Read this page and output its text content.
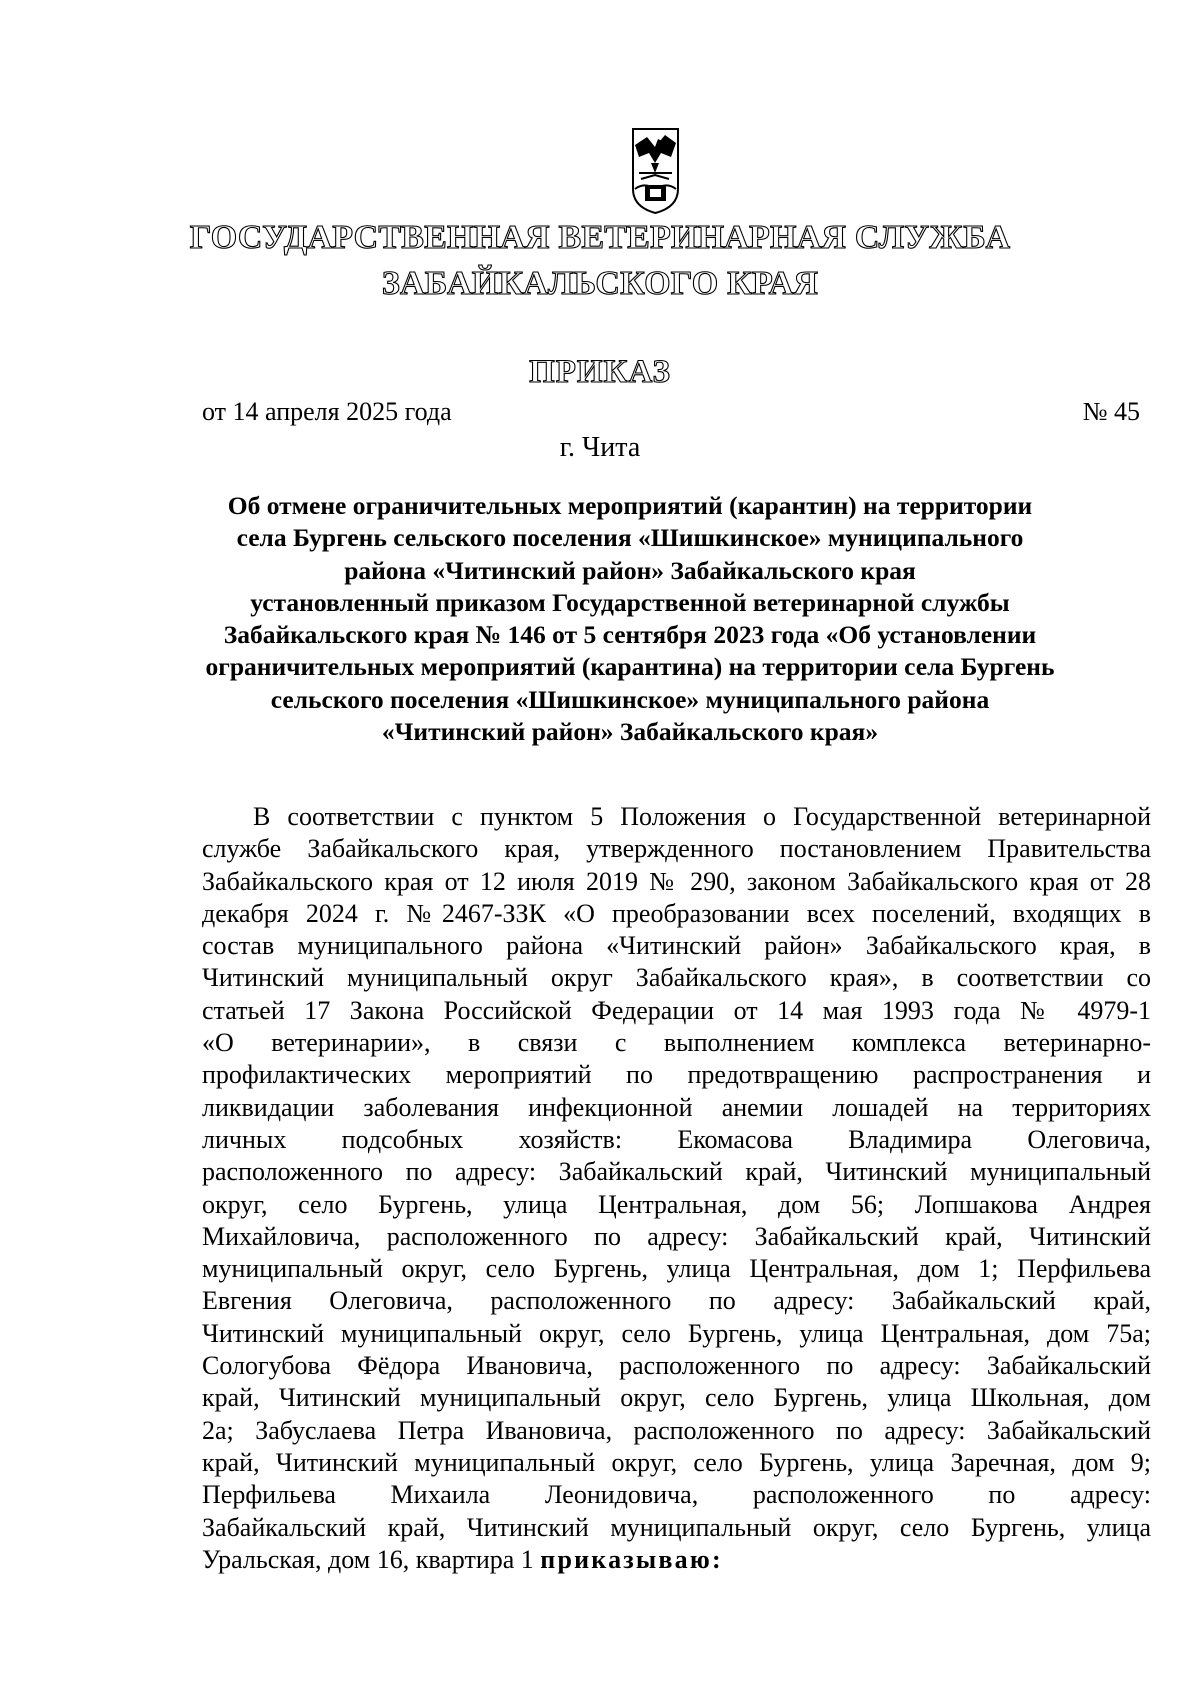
ГОСУДАРСТВЕННАЯ ВЕТЕРИНАРНАЯ СЛУЖБА
ЗАБАЙКАЛЬСКОГО КРАЯ
ПРИКАЗ
от 14 апреля 2025 года	№ 45
г. Чита
Об отмене ограничительных мероприятий (карантин) на территории
села Бургень сельского поселения «Шишкинское» муниципального
района «Читинский район» Забайкальского края
установленный приказом Государственной ветеринарной службы
Забайкальского края № 146 от 5 сентября 2023 года «Об установлении
ограничительных мероприятий (карантина) на территории села Бургень
сельского поселения «Шишкинское» муниципального района
«Читинский район» Забайкальского края»
В соответствии с пунктом 5 Положения о Государственной ветеринарной
службе Забайкальского края, утвержденного постановлением Правительства
Забайкальского края от 12 июля 2019 № 290, законом Забайкальского края от 28
декабря 2024 г. №2467-ЗЗК «О преобразовании всех поселений, входящих в
состав муниципального района «Читинский район» Забайкальского края, в
Читинский муниципальный округ Забайкальского края», в соответствии со
статьей 17 Закона Российской Федерации от 14 мая 1993 года № 4979-1
«О ветеринарии», в связи с выполнением комплекса ветеринарно-
профилактических мероприятий по предотвращению распространения и
ликвидации заболевания инфекционной анемии лошадей на территориях
личных подсобных хозяйств: Екомасова Владимира Олеговича,
расположенного по адресу: Забайкальский край, Читинский муниципальный
округ, село Бургень, улица Центральная, дом 56; Лопшакова Андрея
Михайловича, расположенного по адресу: Забайкальский край, Читинский
муниципальный округ, село Бургень, улица Центральная, дом 1; Перфильева
Евгения Олеговича, расположенного по адресу: Забайкальский край,
Читинский муниципальный округ, село Бургень, улица Центральная, дом 75а;
Сологубова Фёдора Ивановича, расположенного по адресу: Забайкальский
край, Читинский муниципальный округ, село Бургень, улица Школьная, дом
2а; Забуслаева Петра Ивановича, расположенного по адресу: Забайкальский
край, Читинский муниципальный округ, село Бургень, улица Заречная, дом 9;
Перфильева Михаила Леонидовича, расположенного по адресу:
Забайкальский край, Читинский муниципальный округ, село Бургень, улица
Уральская, дом 16, квартира 1 приказываю:
